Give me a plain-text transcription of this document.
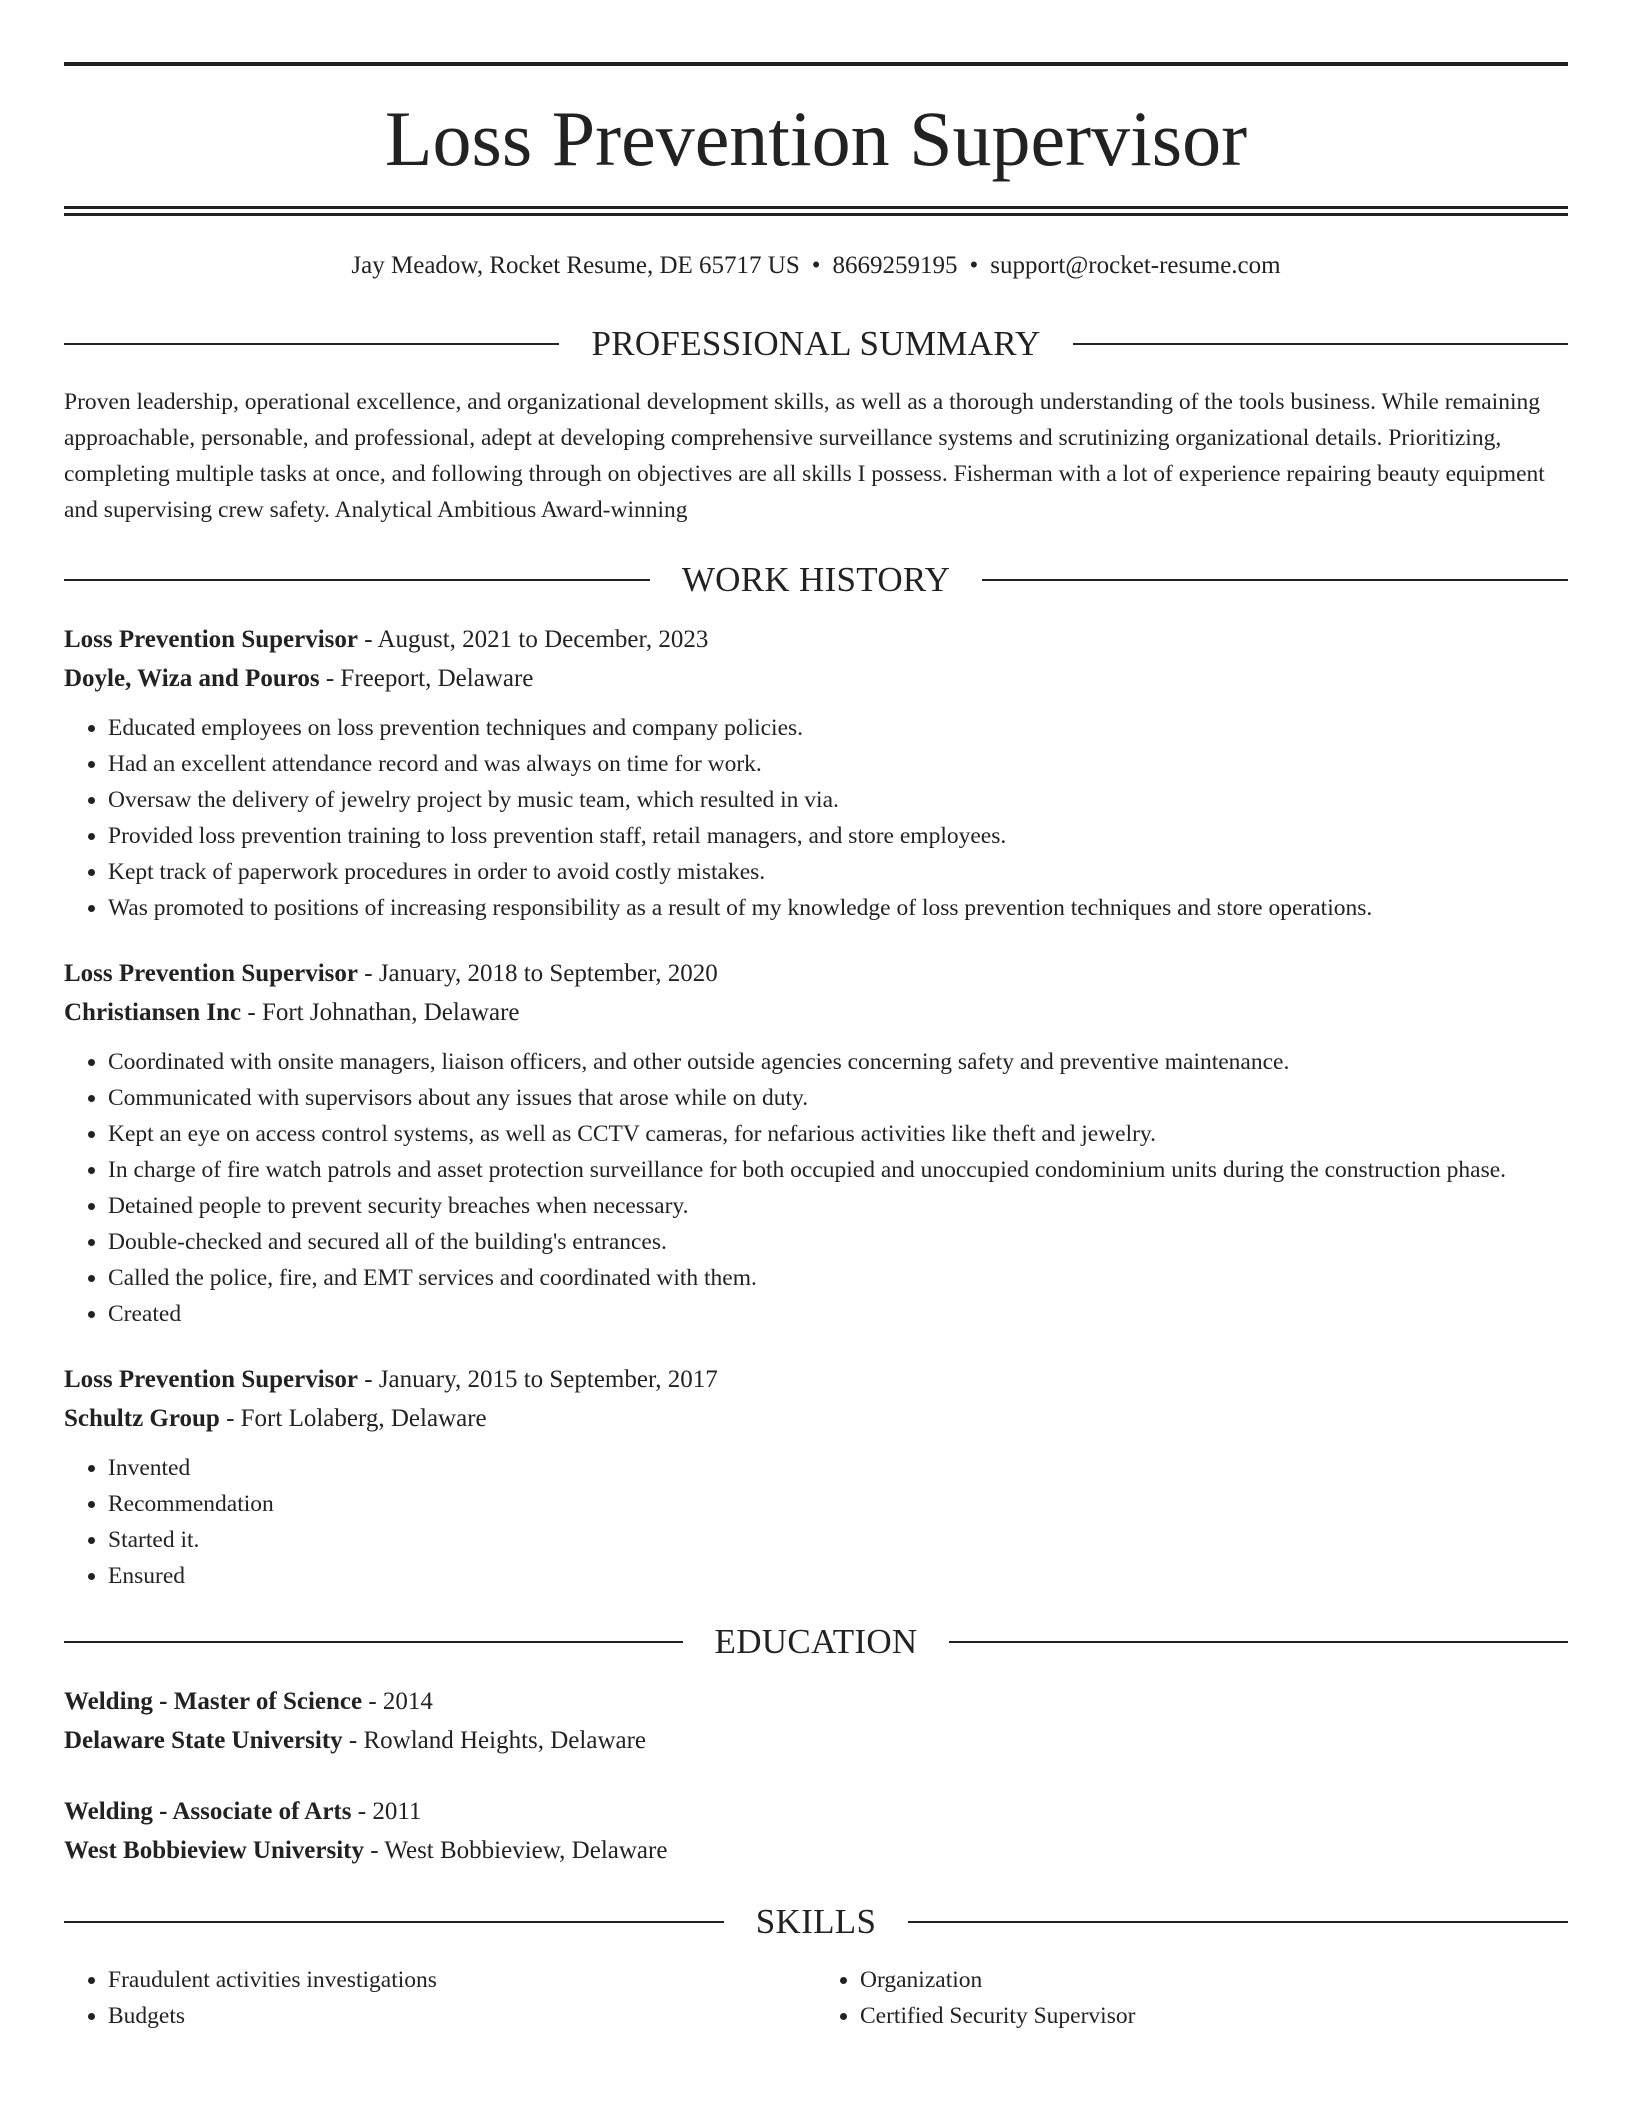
Loss Prevention Supervisor
Jay Meadow, Rocket Resume, DE 65717 US • 8669259195 • support@rocket-resume.com
PROFESSIONAL SUMMARY
Proven leadership, operational excellence, and organizational development skills, as well as a thorough understanding of the tools business. While remaining approachable, personable, and professional, adept at developing comprehensive surveillance systems and scrutinizing organizational details. Prioritizing, completing multiple tasks at once, and following through on objectives are all skills I possess. Fisherman with a lot of experience repairing beauty equipment and supervising crew safety. Analytical Ambitious Award-winning
WORK HISTORY
Loss Prevention Supervisor - August, 2021 to December, 2023
Doyle, Wiza and Pouros - Freeport, Delaware
• Educated employees on loss prevention techniques and company policies.
• Had an excellent attendance record and was always on time for work.
• Oversaw the delivery of jewelry project by music team, which resulted in via.
• Provided loss prevention training to loss prevention staff, retail managers, and store employees.
• Kept track of paperwork procedures in order to avoid costly mistakes.
• Was promoted to positions of increasing responsibility as a result of my knowledge of loss prevention techniques and store operations.
Loss Prevention Supervisor - January, 2018 to September, 2020
Christiansen Inc - Fort Johnathan, Delaware
• Coordinated with onsite managers, liaison officers, and other outside agencies concerning safety and preventive maintenance.
• Communicated with supervisors about any issues that arose while on duty.
• Kept an eye on access control systems, as well as CCTV cameras, for nefarious activities like theft and jewelry.
• In charge of fire watch patrols and asset protection surveillance for both occupied and unoccupied condominium units during the construction phase.
• Detained people to prevent security breaches when necessary.
• Double-checked and secured all of the building's entrances.
• Called the police, fire, and EMT services and coordinated with them.
• Created
Loss Prevention Supervisor - January, 2015 to September, 2017
Schultz Group - Fort Lolaberg, Delaware
• Invented
• Recommendation
• Started it.
• Ensured
EDUCATION
Welding - Master of Science - 2014
Delaware State University - Rowland Heights, Delaware
Welding - Associate of Arts - 2011
West Bobbieview University - West Bobbieview, Delaware
SKILLS
• Fraudulent activities investigations
• Budgets
• Organization
• Certified Security Supervisor
